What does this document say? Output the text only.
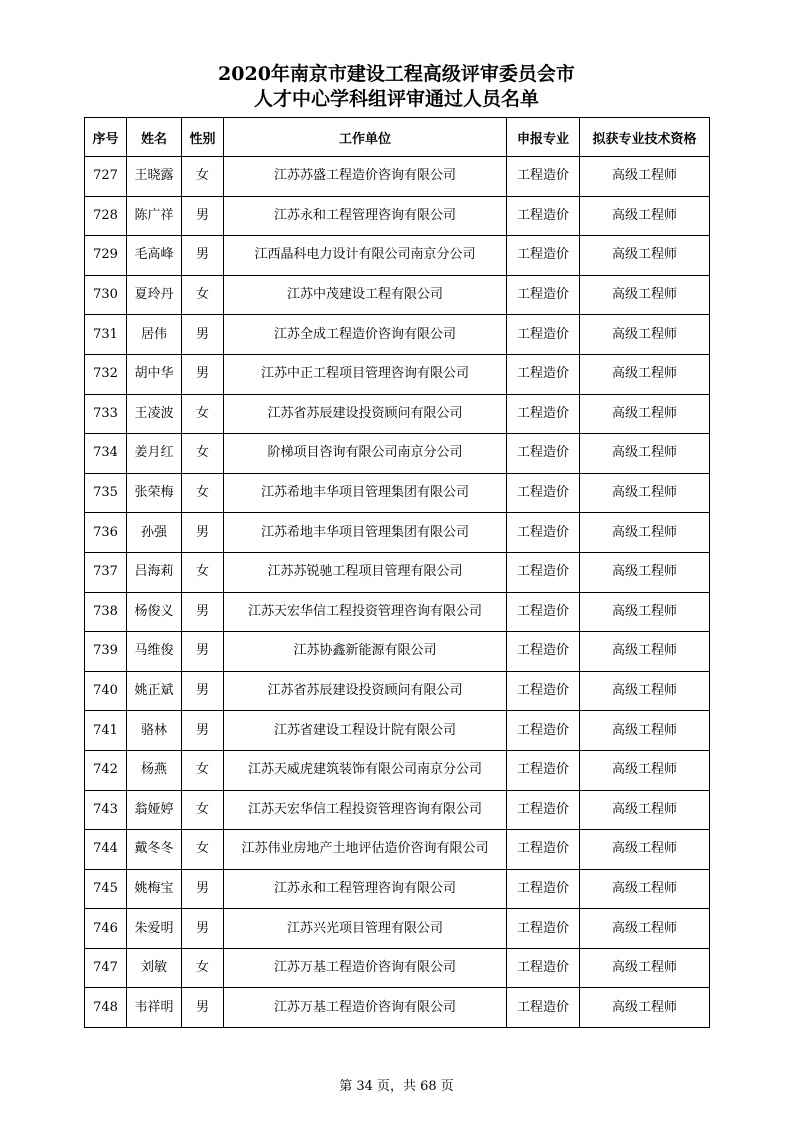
2020年南京市建设工程高级评审委员会市
人才中心学科组评审通过人员名单
序号	姓名	性别	工作单位	申报专业	拟获专业技术资格
727	王晓露	女	江苏苏盛工程造价咨询有限公司	工程造价	高级工程师
728	陈广祥	男	江苏永和工程管理咨询有限公司	工程造价	高级工程师
729	毛高峰	男	江西晶科电力设计有限公司南京分公司	工程造价	高级工程师
730	夏玲丹	女	江苏中茂建设工程有限公司	工程造价	高级工程师
731	居伟	男	江苏全成工程造价咨询有限公司	工程造价	高级工程师
732	胡中华	男	江苏中正工程项目管理咨询有限公司	工程造价	高级工程师
733	王凌波	女	江苏省苏辰建设投资顾问有限公司	工程造价	高级工程师
734	姜月红	女	阶梯项目咨询有限公司南京分公司	工程造价	高级工程师
735	张荣梅	女	江苏希地丰华项目管理集团有限公司	工程造价	高级工程师
736	孙强	男	江苏希地丰华项目管理集团有限公司	工程造价	高级工程师
737	吕海莉	女	江苏苏锐驰工程项目管理有限公司	工程造价	高级工程师
738	杨俊义	男	江苏天宏华信工程投资管理咨询有限公司	工程造价	高级工程师
739	马维俊	男	江苏协鑫新能源有限公司	工程造价	高级工程师
740	姚正斌	男	江苏省苏辰建设投资顾问有限公司	工程造价	高级工程师
741	骆林	男	江苏省建设工程设计院有限公司	工程造价	高级工程师
742	杨燕	女	江苏天威虎建筑装饰有限公司南京分公司	工程造价	高级工程师
743	翁娅婷	女	江苏天宏华信工程投资管理咨询有限公司	工程造价	高级工程师
744	戴冬冬	女	江苏伟业房地产土地评估造价咨询有限公司	工程造价	高级工程师
745	姚梅宝	男	江苏永和工程管理咨询有限公司	工程造价	高级工程师
746	朱爱明	男	江苏兴光项目管理有限公司	工程造价	高级工程师
747	刘敏	女	江苏万基工程造价咨询有限公司	工程造价	高级工程师
748	韦祥明	男	江苏万基工程造价咨询有限公司	工程造价	高级工程师
第 34 页，共 68 页
